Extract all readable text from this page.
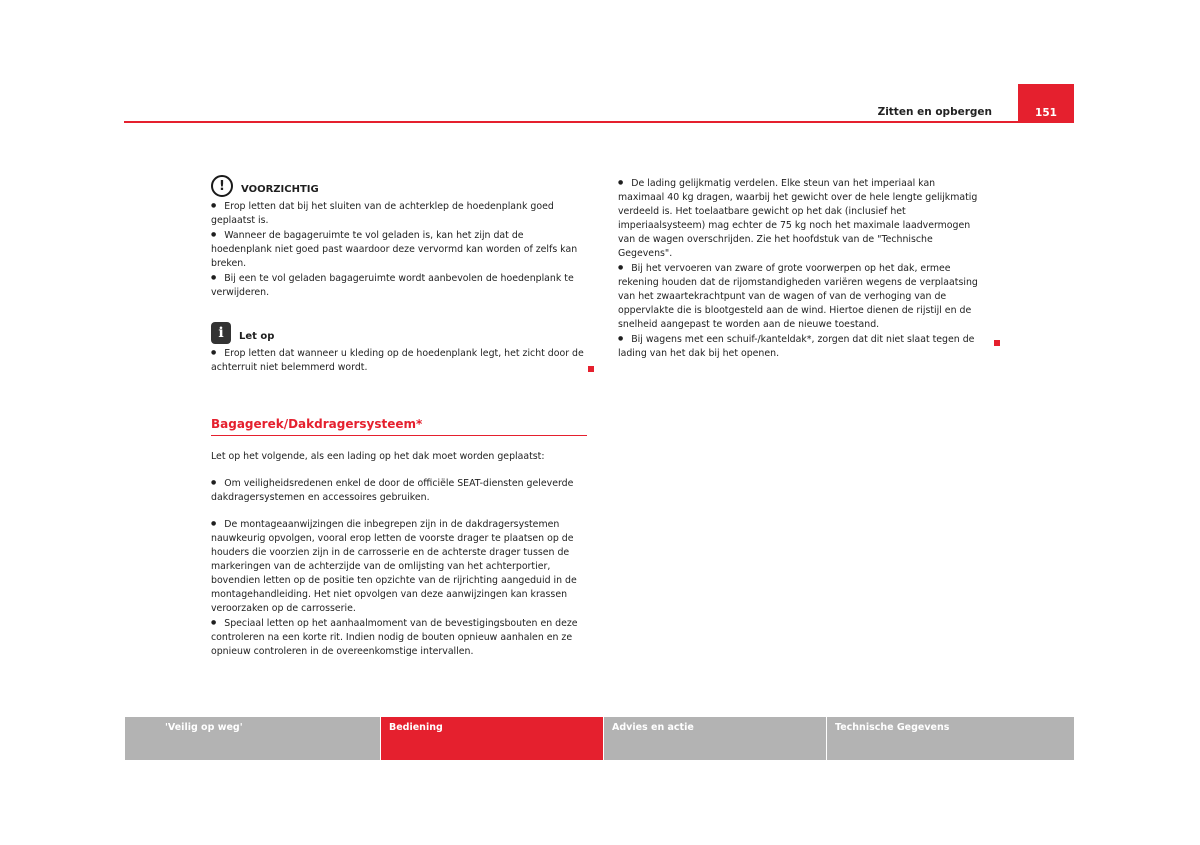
Zitten en opbergen	151
!	VOORZICHTIG

● Erop letten dat bij het sluiten van de achterklep de hoedenplank goed geplaatst is.

● Wanneer de bagageruimte te vol geladen is, kan het zijn dat de hoedenplank niet goed past waardoor deze vervormd kan worden of zelfs kan breken.

● Bij een te vol geladen bagageruimte wordt aanbevolen de hoedenplank te verwijderen.

i	Let op

● Erop letten dat wanneer u kleding op de hoedenplank legt, het zicht door de achterruit niet belemmerd wordt.

Bagagerek/Dakdragersysteem*

Let op het volgende, als een lading op het dak moet worden geplaatst:

● Om veiligheidsredenen enkel de door de officiële SEAT-diensten geleverde dakdragersystemen en accessoires gebruiken.

● De montageaanwijzingen die inbegrepen zijn in de dakdragersystemen nauwkeurig opvolgen, vooral erop letten de voorste drager te plaatsen op de houders die voorzien zijn in de carrosserie en de achterste drager tussen de markeringen van de achterzijde van de omlijsting van het achterportier, bovendien letten op de positie ten opzichte van de rijrichting aangeduid in de montagehandleiding. Het niet opvolgen van deze aanwijzingen kan krassen veroorzaken op de carrosserie.

● Speciaal letten op het aanhaalmoment van de bevestigingsbouten en deze controleren na een korte rit. Indien nodig de bouten opnieuw aanhalen en ze opnieuw controleren in de overeenkomstige intervallen.

● De lading gelijkmatig verdelen. Elke steun van het imperiaal kan maximaal 40 kg dragen, waarbij het gewicht over de hele lengte gelijkmatig verdeeld is. Het toelaatbare gewicht op het dak (inclusief het imperiaalsysteem) mag echter de 75 kg noch het maximale laadvermogen van de wagen overschrijden. Zie het hoofdstuk van de "Technische Gegevens".

● Bij het vervoeren van zware of grote voorwerpen op het dak, ermee rekening houden dat de rijomstandigheden variëren wegens de verplaatsing van het zwaartekrachtpunt van de wagen of van de verhoging van de oppervlakte die is blootgesteld aan de wind. Hiertoe dienen de rijstijl en de snelheid aangepast te worden aan de nieuwe toestand.

● Bij wagens met een schuif-/kanteldak*, zorgen dat dit niet slaat tegen de lading van het dak bij het openen.

'Veilig op weg'	Bediening	Advies en actie	Technische Gegevens
